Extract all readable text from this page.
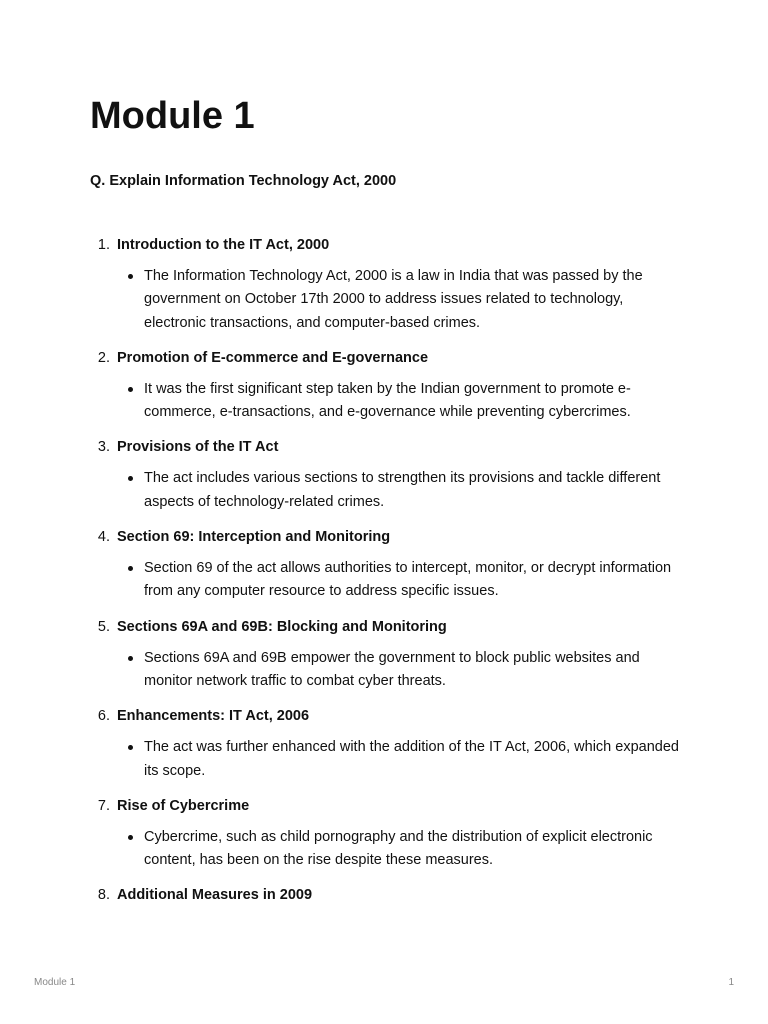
Module 1

Q. Explain Information Technology Act, 2000

1. Introduction to the IT Act, 2000
The Information Technology Act, 2000 is a law in India that was passed by the government on October 17th 2000 to address issues related to technology, electronic transactions, and computer-based crimes.
2. Promotion of E-commerce and E-governance
It was the first significant step taken by the Indian government to promote e-commerce, e-transactions, and e-governance while preventing cybercrimes.
3. Provisions of the IT Act
The act includes various sections to strengthen its provisions and tackle different aspects of technology-related crimes.
4. Section 69: Interception and Monitoring
Section 69 of the act allows authorities to intercept, monitor, or decrypt information from any computer resource to address specific issues.
5. Sections 69A and 69B: Blocking and Monitoring
Sections 69A and 69B empower the government to block public websites and monitor network traffic to combat cyber threats.
6. Enhancements: IT Act, 2006
The act was further enhanced with the addition of the IT Act, 2006, which expanded its scope.
7. Rise of Cybercrime
Cybercrime, such as child pornography and the distribution of explicit electronic content, has been on the rise despite these measures.
8. Additional Measures in 2009
Module 1	1
